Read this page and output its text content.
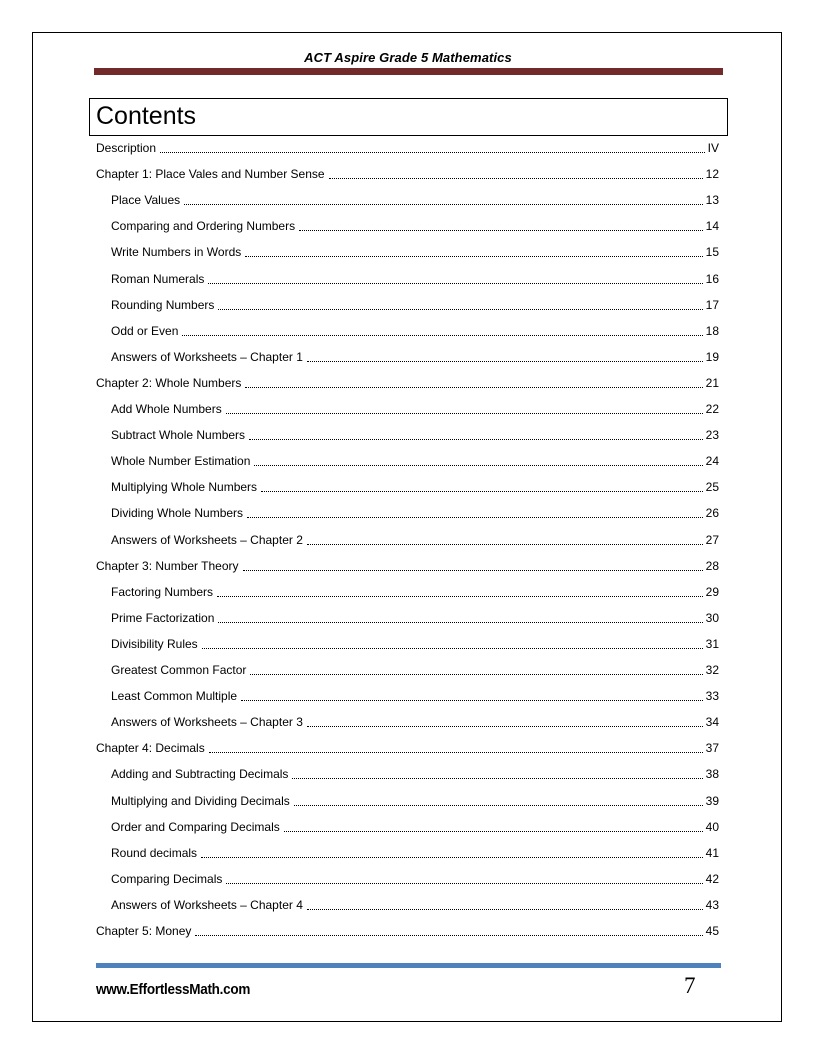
ACT Aspire Grade 5 Mathematics
Contents
Description	IV
Chapter 1: Place Vales and Number Sense	12
Place Values	13
Comparing and Ordering Numbers	14
Write Numbers in Words	15
Roman Numerals	16
Rounding Numbers	17
Odd or Even	18
Answers of Worksheets – Chapter 1	19
Chapter 2: Whole Numbers	21
Add Whole Numbers	22
Subtract Whole Numbers	23
Whole Number Estimation	24
Multiplying Whole Numbers	25
Dividing Whole Numbers	26
Answers of Worksheets – Chapter 2	27
Chapter 3: Number Theory	28
Factoring Numbers	29
Prime Factorization	30
Divisibility Rules	31
Greatest Common Factor	32
Least Common Multiple	33
Answers of Worksheets – Chapter 3	34
Chapter 4: Decimals	37
Adding and Subtracting Decimals	38
Multiplying and Dividing Decimals	39
Order and Comparing Decimals	40
Round decimals	41
Comparing Decimals	42
Answers of Worksheets – Chapter 4	43
Chapter 5: Money	45
www.EffortlessMath.com	7
